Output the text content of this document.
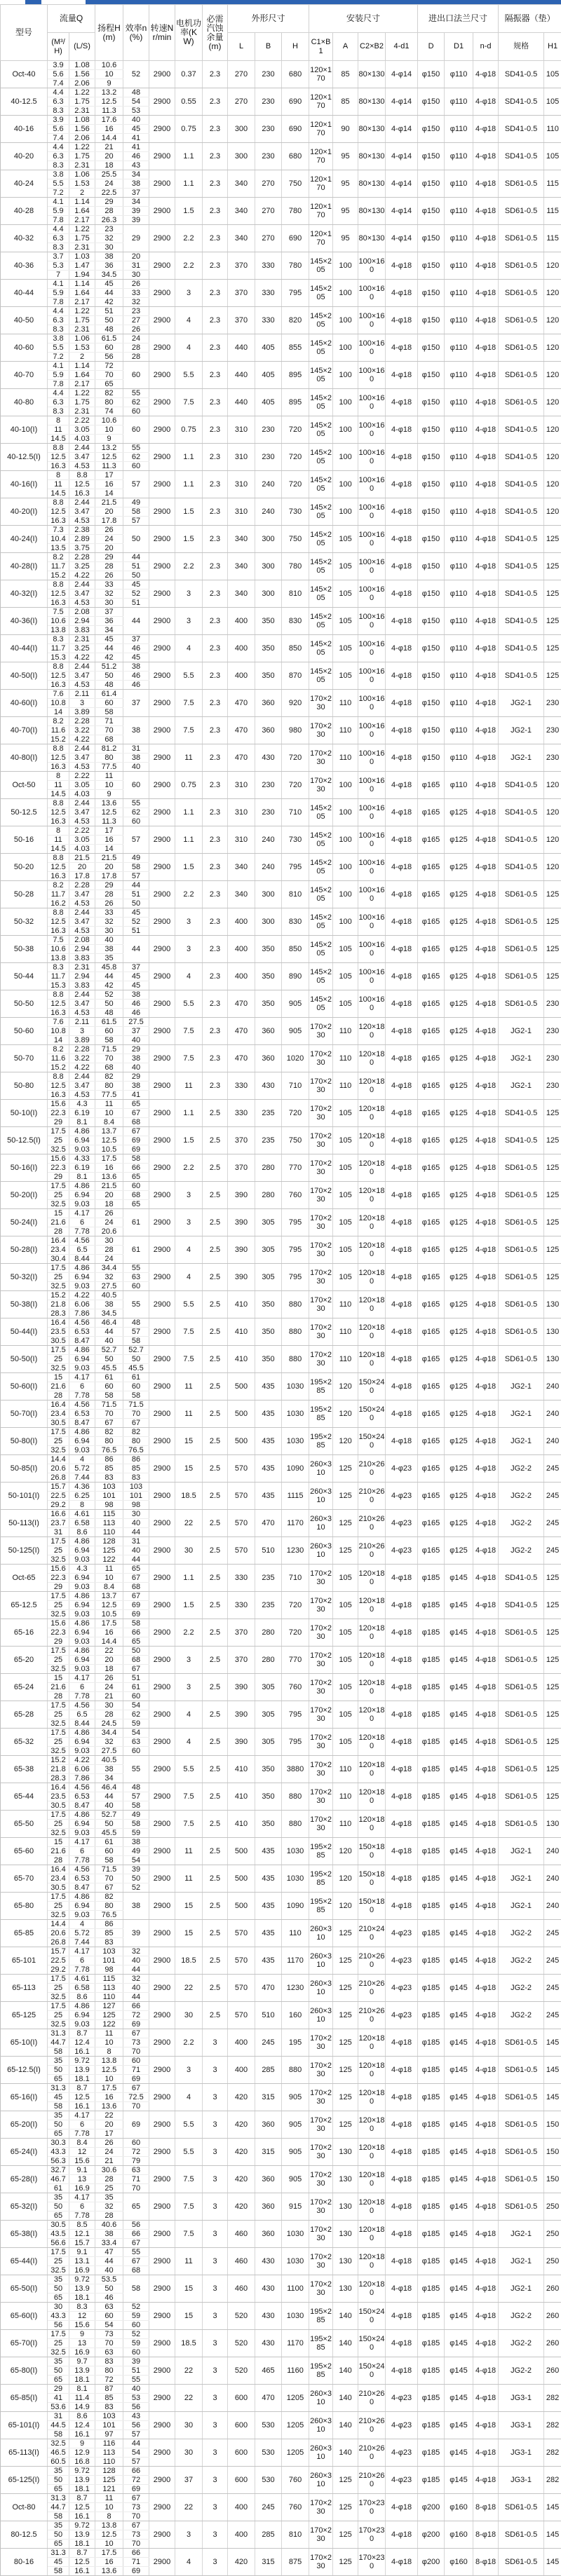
型号	流量Q		扬程H(m)	效率n(%)	转速N r/min	电机功率(KW)	必需汽蚀余量(m)	外形尺寸			安装尺寸				进出口法兰尺寸			隔振器（垫）	
	(M³/H)	(L/S)						L	B	H	C1×B1	A	C2×B2	4-d1	D	D1	n-d	规格	H1
Oct-40	3.9	1.08	10.6	52	2900	0.37	2.3	270	230	680	120×170	85	80×130	4-φ14	φ150	φ110	4-φ18	SD41-0.5	105
	5.6	1.56	10																
	7.4	2.06	9																
40-12.5	4.4	1.22	13.2	48	2900	0.55	2.3	270	230	690	120×170	85	80×130	4-φ14	φ150	φ110	4-φ18	SD41-0.5	105
	6.3	1.75	12.5	54															
	8.3	2.31	11.3	53															
40-16	3.9	1.08	17.6	40	2900	0.75	2.3	300	230	690	120×170	90	80×130	4-φ14	φ150	φ110	4-φ18	SD41-0.5	110
	5.6	1.56	16	45															
	7.4	2.06	14.4	41															
40-20	4.4	1.22	21	41	2900	1.1	2.3	300	230	680	120×170	95	80×130	4-φ14	φ150	φ110	4-φ18	SD41-0.5	105
	6.3	1.75	20	46															
	8.3	2.31	18	43															
40-24	3.8	1.06	25.5	34	2900	1.1	2.3	340	270	750	120×170	95	80×130	4-φ14	φ150	φ110	4-φ18	SD61-0.5	115
	5.5	1.53	24	38															
	7.2	2	22.5	37															
40-28	4.1	1.14	29	34	2900	1.5	2.3	340	270	780	120×170	95	80×130	4-φ14	φ150	φ110	4-φ18	SD61-0.5	115
	5.9	1.64	28	39															
	7.8	2.17	26.3	39															
40-32	4.4	1.22	23	29	2900	2.2	2.3	340	270	690	120×170	95	80×130	4-φ14	φ150	φ110	4-φ18	SD61-0.5	115
	6.3	1.75	32																
	8.3	2.31	30																
40-36	3.7	1.03	38	20	2900	2.2	2.3	370	330	780	145×205	100	100×160	4-φ18	φ150	φ110	4-φ18	SD61-0.5	120
	5.3	1.47	36	31															
	7	1.94	34.5	30															
40-44	4.1	1.14	45	26	2900	3	2.3	370	330	795	145×205	100	100×160	4-φ18	φ150	φ110	4-φ18	SD61-0.5	120
	5.9	1.64	44	33															
	7.8	2.17	42	32															
40-50	4.4	1.22	51	23	2900	4	2.3	370	330	820	145×205	100	100×160	4-φ18	φ150	φ110	4-φ18	SD61-0.5	120
	6.3	1.75	50	27															
	8.3	2.31	48	26															
40-60	3.8	1.06	61.5	24	2900	4	2.3	440	405	855	145×205	100	100×160	4-φ18	φ150	φ110	4-φ18	SD61-0.5	120
	5.5	1.53	60	28															
	7.2	2	56	28															
40-70	4.1	1.14	72	60	2900	5.5	2.3	440	405	895	145×205	100	100×160	4-φ18	φ150	φ110	4-φ18	SD61-0.5	120
	5.9	1.64	70																
	7.8	2.17	65																
40-80	4.4	1.22	82	55	2900	7.5	2.3	440	405	895	145×205	100	100×160	4-φ18	φ150	φ110	4-φ18	SD61-0.5	120
	6.3	1.75	80	62															
	8.3	2.31	74	60															
40-10(I)	8	2.22	10.6	60	2900	0.75	2.3	310	230	720	145×205	100	100×160	4-φ18	φ150	φ110	4-φ18	SD41-0.5	120
	11	3.05	10																
	14.5	4.03	9																
40-12.5(I)	8.8	2.44	13.2	55	2900	1.1	2.3	310	230	720	145×205	100	100×160	4-φ18	φ150	φ110	4-φ18	SD41-0.5	120
	12.5	3.47	12.5	62															
	16.3	4.53	11.3	60															
40-16(I)	8	8.8	17	57	2900	1.1	2.3	310	240	720	145×205	100	100×160	4-φ18	φ150	φ110	4-φ18	SD41-0.5	120
	11	12.5	16																
	14.5	16.3	14																
40-20(I)	8.8	2.44	21.5	49	2900	1.5	2.3	310	240	730	145×205	100	100×160	4-φ18	φ150	φ110	4-φ18	SD41-0.5	120
	12.5	3.47	20	58															
	16.3	4.53	17.8	57															
40-24(I)	7.3	2.38	26	50	2900	1.5	2.3	340	300	750	145×205	105	100×160	4-φ18	φ150	φ110	4-φ18	SD41-0.5	125
	10.4	2.89	24																
	13.5	3.75	20																
40-28(I)	8.2	2.28	29	44	2900	2.2	2.3	340	300	780	145×205	105	100×160	4-φ18	φ150	φ110	4-φ18	SD41-0.5	125
	11.7	3.25	28	51															
	15.2	4.22	26	50															
40-32(I)	8.8	2.44	33	45	2900	3	2.3	340	300	810	145×205	105	100×160	4-φ18	φ150	φ110	4-φ18	SD41-0.5	125
	12.5	3.47	32	52															
	16.3	4.53	30	51															
40-36(I)	7.5	2.08	37	44	2900	3	2.3	400	350	830	145×205	105	100×160	4-φ18	φ150	φ110	4-φ18	SD41-0.5	125
	10.6	2.94	36																
	13.8	3.83	34																
40-44(I)	8.3	2.31	45	37	2900	4	2.3	400	350	850	145×205	105	100×160	4-φ18	φ150	φ110	4-φ18	SD41-0.5	125
	11.7	3.25	44	46															
	15.3	4.22	42	45															
40-50(I)	8.8	2.44	51.2	38	2900	5.5	2.3	400	350	870	145×205	105	100×160	4-φ18	φ150	φ110	4-φ18	SD41-0.5	125
	12.5	3.47	50	46															
	16.3	4.53	48	46															
40-60(I)	7.6	2.11	61.4	37	2900	7.5	2.3	470	360	920	170×230	110	100×160	4-φ18	φ150	φ110	4-φ18	JG2-1	230
	10.8	3	60																
	14	3.89	58																
40-70(I)	8.2	2.28	71	38	2900	7.5	2.3	470	360	980	170×230	110	100×160	4-φ18	φ150	φ110	4-φ18	JG2-1	230
	11.6	3.22	70																
	15.2	4.22	68																
40-80(I)	8.8	2.44	81.2	31	2900	11	2.3	470	430	720	170×230	110	100×160	4-φ18	φ150	φ110	4-φ18	JG2-1	230
	12.5	3.47	80	38															
	16.3	4.53	77.5	40															
Oct-50	8	2.22	11	60	2900	0.75	2.3	310	230	720	170×230	100	100×160	4-φ18	φ165	φ110	4-φ18	SD41-0.5	120
	11	3.05	10																
	14.5	4.03	9																
50-12.5	8.8	2.44	13.6	55	2900	1.1	2.3	310	230	710	145×205	100	100×160	4-φ18	φ165	φ125	4-φ18	SD41-0.5	120
	12.5	3.47	12.5	62															
	16.3	4.53	11.3	60															
50-16	8	2.22	17	57	2900	1.1	2.3	310	240	730	145×205	100	100×160	4-φ18	φ165	φ125	4-φ18	SD41-0.5	120
	11	3.05	16																
	14.5	4.03	14																
50-20	8.8	21.5	21.5	49	2900	1.5	2.3	340	240	795	145×205	100	100×160	4-φ18	φ165	φ125	4-φ18	SD41-0.5	120
	12.5	20	20	58															
	16.3	17.8	17.8	57															
50-28	8.2	2.28	29	44	2900	2.2	2.3	340	300	810	145×205	100	100×160	4-φ18	φ165	φ125	4-φ18	SD61-0.5	125
	11.7	3.47	28	51															
	16.2	4.53	26	50															
50-32	8.8	2.44	33	45	2900	3	2.3	400	300	830	145×205	100	100×160	4-φ18	φ165	φ125	4-φ18	SD61-0.5	125
	12.5	3.47	32	52															
	16.3	4.53	30	51															
50-38	7.5	2.08	40	44	2900	3	2.3	400	350	850	145×205	105	100×160	4-φ18	φ165	φ125	4-φ18	SD61-0.5	125
	10.6	2.94	38																
	13.8	3.83	35																
50-44	8.3	2.31	45.8	37	2900	4	2.3	400	350	890	145×205	105	100×160	4-φ18	φ165	φ125	4-φ18	SD61-0.5	125
	11.7	2.94	44	45															
	15.3	3.83	42	45															
50-50	8.8	2.44	52	38	2900	5.5	2.3	470	350	905	145×205	105	100×160	4-φ18	φ165	φ125	4-φ18	SD61-0.5	230
	12.5	3.47	50	46															
	16.3	4.53	48	46															
50-60	7.6	2.11	61.5	27.5	2900	7.5	2.3	470	360	905	170×230	110	120×180	4-φ18	φ165	φ125	4-φ18	JG2-1	230
	10.8	3	60	37															
	14	3.89	58	40															
50-70	8.2	2.28	71.5	29	2900	7.5	2.3	470	360	1020	170×230	110	120×180	4-φ18	φ165	φ125	4-φ18	JG2-1	230
	11.6	3.22	70	38															
	15.2	4.22	68	40															
50-80	8.8	2.44	82	29	2900	11	2.3	330	430	710	170×230	110	120×180	4-φ18	φ165	φ125	4-φ18	JG2-1	230
	12.5	3.47	80	38															
	16.3	4.53	77.5	41															
50-10(I)	15.6	4.3	11	65	2900	1.1	2.5	330	235	720	170×230	105	120×180	4-φ18	φ165	φ125	4-φ18	SD41-0.5	125
	22.3	6.19	10	67															
	29	8.1	8.4	68															
50-12.5(I)	17.5	4.86	13.7	67	2900	1.5	2.5	370	235	750	170×230	105	120×180	4-φ18	φ165	φ125	4-φ18	SD41-0.5	125
	25	6.94	12.5	69															
	32.5	9.03	10.5	69															
50-16(I)	15.6	4.33	17.5	58	2900	2.2	2.5	370	280	770	170×230	105	120×180	4-φ18	φ165	φ125	4-φ18	SD61-0.5	125
	22.3	6.19	16	66															
	29	8.1	13.6	65															
50-20(I)	17.5	4.86	21.5	60	2900	3	2.5	390	280	760	170×230	105	120×180	4-φ18	φ165	φ125	4-φ18	SD61-0.5	125
	25	6.94	20	68															
	32.5	9.03	18	65															
50-24(I)	15	4.17	26	61	2900	3	2.5	390	305	795	170×230	105	120×180	4-φ18	φ165	φ125	4-φ18	SD61-0.5	125
	21.6	6	24																
	28	7.78	20.6																
50-28(I)	16.4	4.56	30	61	2900	4	2.5	390	305	795	170×230	105	120×180	4-φ18	φ165	φ125	4-φ18	SD61-0.5	125
	23.4	6.5	28																
	30.4	8.44	24																
50-32(I)	17.5	4.86	34.4	55	2900	4	2.5	390	305	795	170×230	105	120×180	4-φ18	φ165	φ125	4-φ18	SD61-0.5	125
	25	6.94	32	63															
	32.5	9.03	27.5	60															
50-38(I)	15.2	4.22	40.5	55	2900	5.5	2.5	410	350	880	170×230	110	120×180	4-φ18	φ165	φ125	4-φ18	SD61-0.5	130
	21.8	6.06	38																
	28.3	7.86	34.5																
50-44(I)	16.4	4.56	46.4	48	2900	7.5	2.5	410	350	880	170×230	110	120×180	4-φ18	φ165	φ125	4-φ18	SD61-0.5	130
	23.5	6.53	44	57															
	30.5	8.47	40	58															
50-50(I)	17.5	4.86	52.7	52.7	2900	7.5	2.5	410	350	880	170×230	110	120×180	4-φ18	φ165	φ125	4-φ18	SD61-0.5	130
	25	6.94	50	50															
	32.5	9.03	45.5	45.5															
50-60(I)	15	4.17	61	61	2900	11	2.5	500	435	1030	195×285	120	150×240	4-φ18	φ165	φ125	4-φ18	JG2-1	240
	21.6	6	60	60															
	28	7.78	58	58															
50-70(I)	16.4	4.56	71.5	71.5	2900	11	2.5	500	435	1030	195×285	120	150×240	4-φ18	φ165	φ125	4-φ18	JG2-1	240
	23.4	6.53	70	70															
	30.5	8.47	67	67															
50-80(I)	17.5	4.86	82	82	2900	15	2.5	500	435	1030	195×285	120	150×240	4-φ18	φ165	φ125	4-φ18	JG2-1	240
	25	6.94	80	80															
	32.5	9.03	76.5	76.5															
50-85(I)	14.4	4	86	86	2900	15	2.5	570	435	1090	260×310	125	210×260	4-φ23	φ165	φ125	4-φ18	JG2-2	245
	20.6	5.72	85	85															
	26.8	7.44	83	83															
50-101(I)	15.7	4.36	103	103	2900	18.5	2.5	570	435	1115	260×310	125	210×260	4-φ23	φ165	φ125	4-φ18	JG2-2	245
	22.5	6.25	101	101															
	29.2	8	98	98															
50-113(I)	16.6	4.61	115	30	2900	22	2.5	570	470	1170	260×310	125	210×260	4-φ23	φ165	φ125	4-φ18	JG2-2	245
	23.7	6.58	113	40															
	31	8.6	110	44															
50-125(I)	17.5	4.86	128	31	2900	30	2.5	570	510	1230	260×310	125	210×260	4-φ23	φ165	φ125	4-φ18	JG2-2	245
	25	6.94	125	40															
	32.5	9.03	122	44															
Oct-65	15.6	4.3	11	65	2900	1.1	2.5	330	235	710	170×230	105	120×180	4-φ18	φ185	φ145	4-φ18	SD41-0.5	125
	22.3	6.94	10	67															
	29	9.03	8.4	68															
65-12.5	17.5	4.86	13.7	67	2900	1.5	2.5	330	235	720	170×230	105	120×180	4-φ18	φ185	φ145	4-φ18	SD41-0.5	125
	25	6.94	12.5	69															
	32.5	9.03	10.5	69															
65-16	15.6	4.86	17.5	58	2900	2.2	2.5	370	280	720	170×230	105	120×180	4-φ18	φ185	φ145	4-φ18	SD61-0.5	125
	22.3	6.94	16	66															
	29	9.03	14.4	65															
65-20	17.5	4.86	22	50	2900	3	2.5	370	280	770	170×230	105	120×180	4-φ18	φ185	φ145	4-φ18	SD61-0.5	125
	25	6.94	20	68															
	32.5	9.03	18	67															
65-24	15	4.17	26	51	2900	3	2.5	390	305	760	170×230	105	120×180	4-φ18	φ185	φ145	4-φ18	SD61-0.5	125
	21.6	6	24	61															
	28	7.78	21	60															
65-28	17.5	4.56	30	54	2900	4	2.5	390	305	795	170×230	105	120×180	4-φ18	φ185	φ145	4-φ18	SD61-0.5	125
	25	6.5	28	62															
	32.5	8.44	24.5	59															
65-32	17.5	4.86	34.4	54	2900	4	2.5	390	305	795	170×230	105	120×180	4-φ18	φ185	φ145	4-φ18	SD61-0.5	125
	25	6.94	32	63															
	32.5	9.03	27.5	60															
65-38	15.2	4.22	40.5	55	2900	5.5	2.5	410	350	3880	170×230	110	120×180	4-φ18	φ185	φ145	4-φ18	SD61-0.5	125
	21.8	6.06	38																
	28.3	7.86	34																
65-44	16.4	4.56	46.4	48	2900	7.5	2.5	410	350	880	170×230	110	120×180	4-φ18	φ185	φ145	4-φ18	SD61-0.5	125
	23.5	6.53	44	57															
	30.5	8.47	40	58															
65-50	17.5	4.86	52.7	49	2900	7.5	2.5	410	350	880	170×230	110	120×180	4-φ18	φ185	φ145	4-φ18	SD61-0.5	130
	25	6.94	50	58															
	32.5	9.03	45.5	59															
65-60	15	4.17	61	38	2900	11	2.5	500	435	1030	195×285	120	150×180	4-φ18	φ185	φ145	4-φ18	JG2-1	240
	21.6	6	60	49															
	28	7.78	58	54															
65-70	16.4	4.56	71.5	39	2900	11	2.5	500	435	1030	195×285	120	150×180	4-φ18	φ185	φ145	4-φ18	JG2-1	240
	23.4	6.53	70	50															
	30.5	8.47	67	52															
65-80	17.5	4.86	82	38	2900	15	2.5	500	435	1090	195×285	120	150×180	4-φ18	φ185	φ145	4-φ18	JG2-1	240
	25	6.94	80																
	32.5	9.03	76.5																
65-85	14.4	4	86	39	2900	15	2.5	570	435	110	260×310	125	210×240	4-φ23	φ185	φ145	4-φ18	JG2-2	245
	20.6	5.72	85																
	26.8	7.44	83																
65-101	15.7	4.17	103	32	2900	18.5	2.5	570	435	1170	260×310	125	210×260	4-φ23	φ185	φ145	4-φ18	JG2-2	245
	22.5	6	101	40															
	29.2	7.78	98	44															
65-113	17.5	4.61	115	32	2900	22	2.5	570	470	1230	260×310	125	210×260	4-φ23	φ185	φ145	4-φ18	JG2-2	245
	25	6.58	113	40															
	32.5	8.6	110	44															
65-125	17.5	4.86	127	66	2900	30	2.5	570	510	160	260×310	125	210×260	4-φ23	φ185	φ145	4-φ18	JG2-2	245
	25	6.94	125	72															
	32.5	9.03	122	69															
65-10(I)	31.3	8.7	11	67	2900	2.2	3	400	245	195	170×230	125	120×180	4-φ18	φ185	φ145	4-φ18	SD61-0.5	145
	44.7	12.4	10	73															
	58	16.1	8	70															
65-12.5(I)	35	9.72	13.8	60	2900	3	3	400	285	880	170×230	125	120×180	4-φ18	φ185	φ145	4-φ18	SD61-0.5	145
	50	13.9	12.5	71															
	65	18.1	10	69															
65-16(I)	31.3	8.7	17.5	67	2900	4	3	420	315	905	170×230	125	120×180	4-φ18	φ185	φ145	4-φ18	SD61-0.5	145
	45	12.5	16	72.5															
	58	16.1	13.6	70															
65-20(I)	35	4.17	22	69	2900	5.5	3	420	360	905	170×230	125	120×180	4-φ18	φ185	φ145	4-φ18	SD61-0.5	150
	50	6	20																
	65	7.78	17																
65-24(I)	30.3	8.4	26	60	2900	5.5	3	420	315	905	170×230	130	120×180	4-φ18	φ185	φ145	4-φ18	SD61-0.5	150
	43.3	12	24	72															
	56.3	15.6	21	79															
65-28(I)	32.7	9.1	30.6	63	2900	7.5	3	420	360	905	170×230	130	120×180	4-φ18	φ185	φ145	4-φ18	SD61-0.5	150
	46.7	13	28	71															
	61	16.9	25	70															
65-32(I)	35	4.17	35	65	2900	7.5	3	420	360	915	170×230	130	120×180	4-φ18	φ185	φ145	4-φ18	SD61-0.5	250
	50	6	32																
	65	7.78	28																
65-38(I)	30.5	8.5	40.6	56	2900	7.5	3	460	360	1030	170×230	130	120×180	4-φ18	φ185	φ145	4-φ18	JG2-1	250
	43.5	12.1	38	66															
	56.6	15.7	33.4	67															
65-44(I)	17.5	9.1	47	55	2900	11	3	460	430	1030	170×230	130	120×180	4-φ18	φ185	φ145	4-φ18	JG2-1	250
	25	13.1	44	67															
	32.5	16.9	40	68															
65-50(I)	35	9.72	53.5	58	2900	15	3	460	430	1100	170×230	130	120×180	4-φ18	φ185	φ145	4-φ18	JG2-1	260
	50	13.9	50																
	65	18.1	46																
65-60(I)	30	8.3	63	52	2900	15	3	520	430	1030	195×285	140	150×240	4-φ18	φ185	φ145	4-φ18	JG2-2	260
	43.3	12	60	59															
	56	15.6	54	60															
65-70(I)	17.5	9	73	52	2900	18.5	3	520	430	1170	195×285	140	150×240	4-φ18	φ185	φ145	4-φ18	JG2-2	260
	25	13	70	59															
	32.5	16.9	63	60															
65-80(I)	35	9.7	83	39	2900	22	3	520	465	1160	195×285	140	150×240	4-φ18	φ185	φ145	4-φ18	JG2-2	260
	50	13.9	80	51															
	65	18.1	72	55															
65-85(I)	29	8.1	87	40	2900	22	3	600	470	1205	260×310	140	210×260	4-φ23	φ185	φ145	4-φ18	JG3-1	282
	41	11.4	85	53															
	53.6	14.9	83	56															
65-101(I)	31	8.6	103	43	2900	30	3	600	530	1205	260×310	140	210×260	4-φ23	φ185	φ145	4-φ18	JG3-1	282
	44.5	12.4	101	56															
	58	16.1	97	57															
65-113(I)	32.5	9	116	44	2900	30	3	600	530	1205	260×310	140	210×260	4-φ23	φ185	φ145	4-φ18	JG3-1	282
	46.5	12.9	113	54															
	60.5	16.8	110	57															
65-125(I)	35	9.72	128	66	2900	37	3	600	530	760	260×310	125	210×260	4-φ23	φ185	φ145	4-φ18	JG3-1	282
	50	13.9	125	72															
	65	18.1	121	69															
Oct-80	31.3	8.7	11	67	2900	22	3	400	245	760	170×230	125	170×230	4-φ18	φ200	φ160	8-φ18	SD61-0.5	145
	44.7	12.5	10	73															
	58	16.1	8	70															
80-12.5	35	9.72	13.8	67	2900	3	3	400	285	810	170×230	125	170×230	4-φ18	φ200	φ160	8-φ18	SD61-0.5	145
	50	13.9	12.5	73															
	65	18.1	10	70															
80-16	31.3	8.7	17.5	66	2900	4	3	420	315	875	170×230	125	170×230	4-φ18	φ200	φ160	8-φ18	SD61-0.5	145
	45	12.5	16	71															
	58	16.1	13.6	69															
